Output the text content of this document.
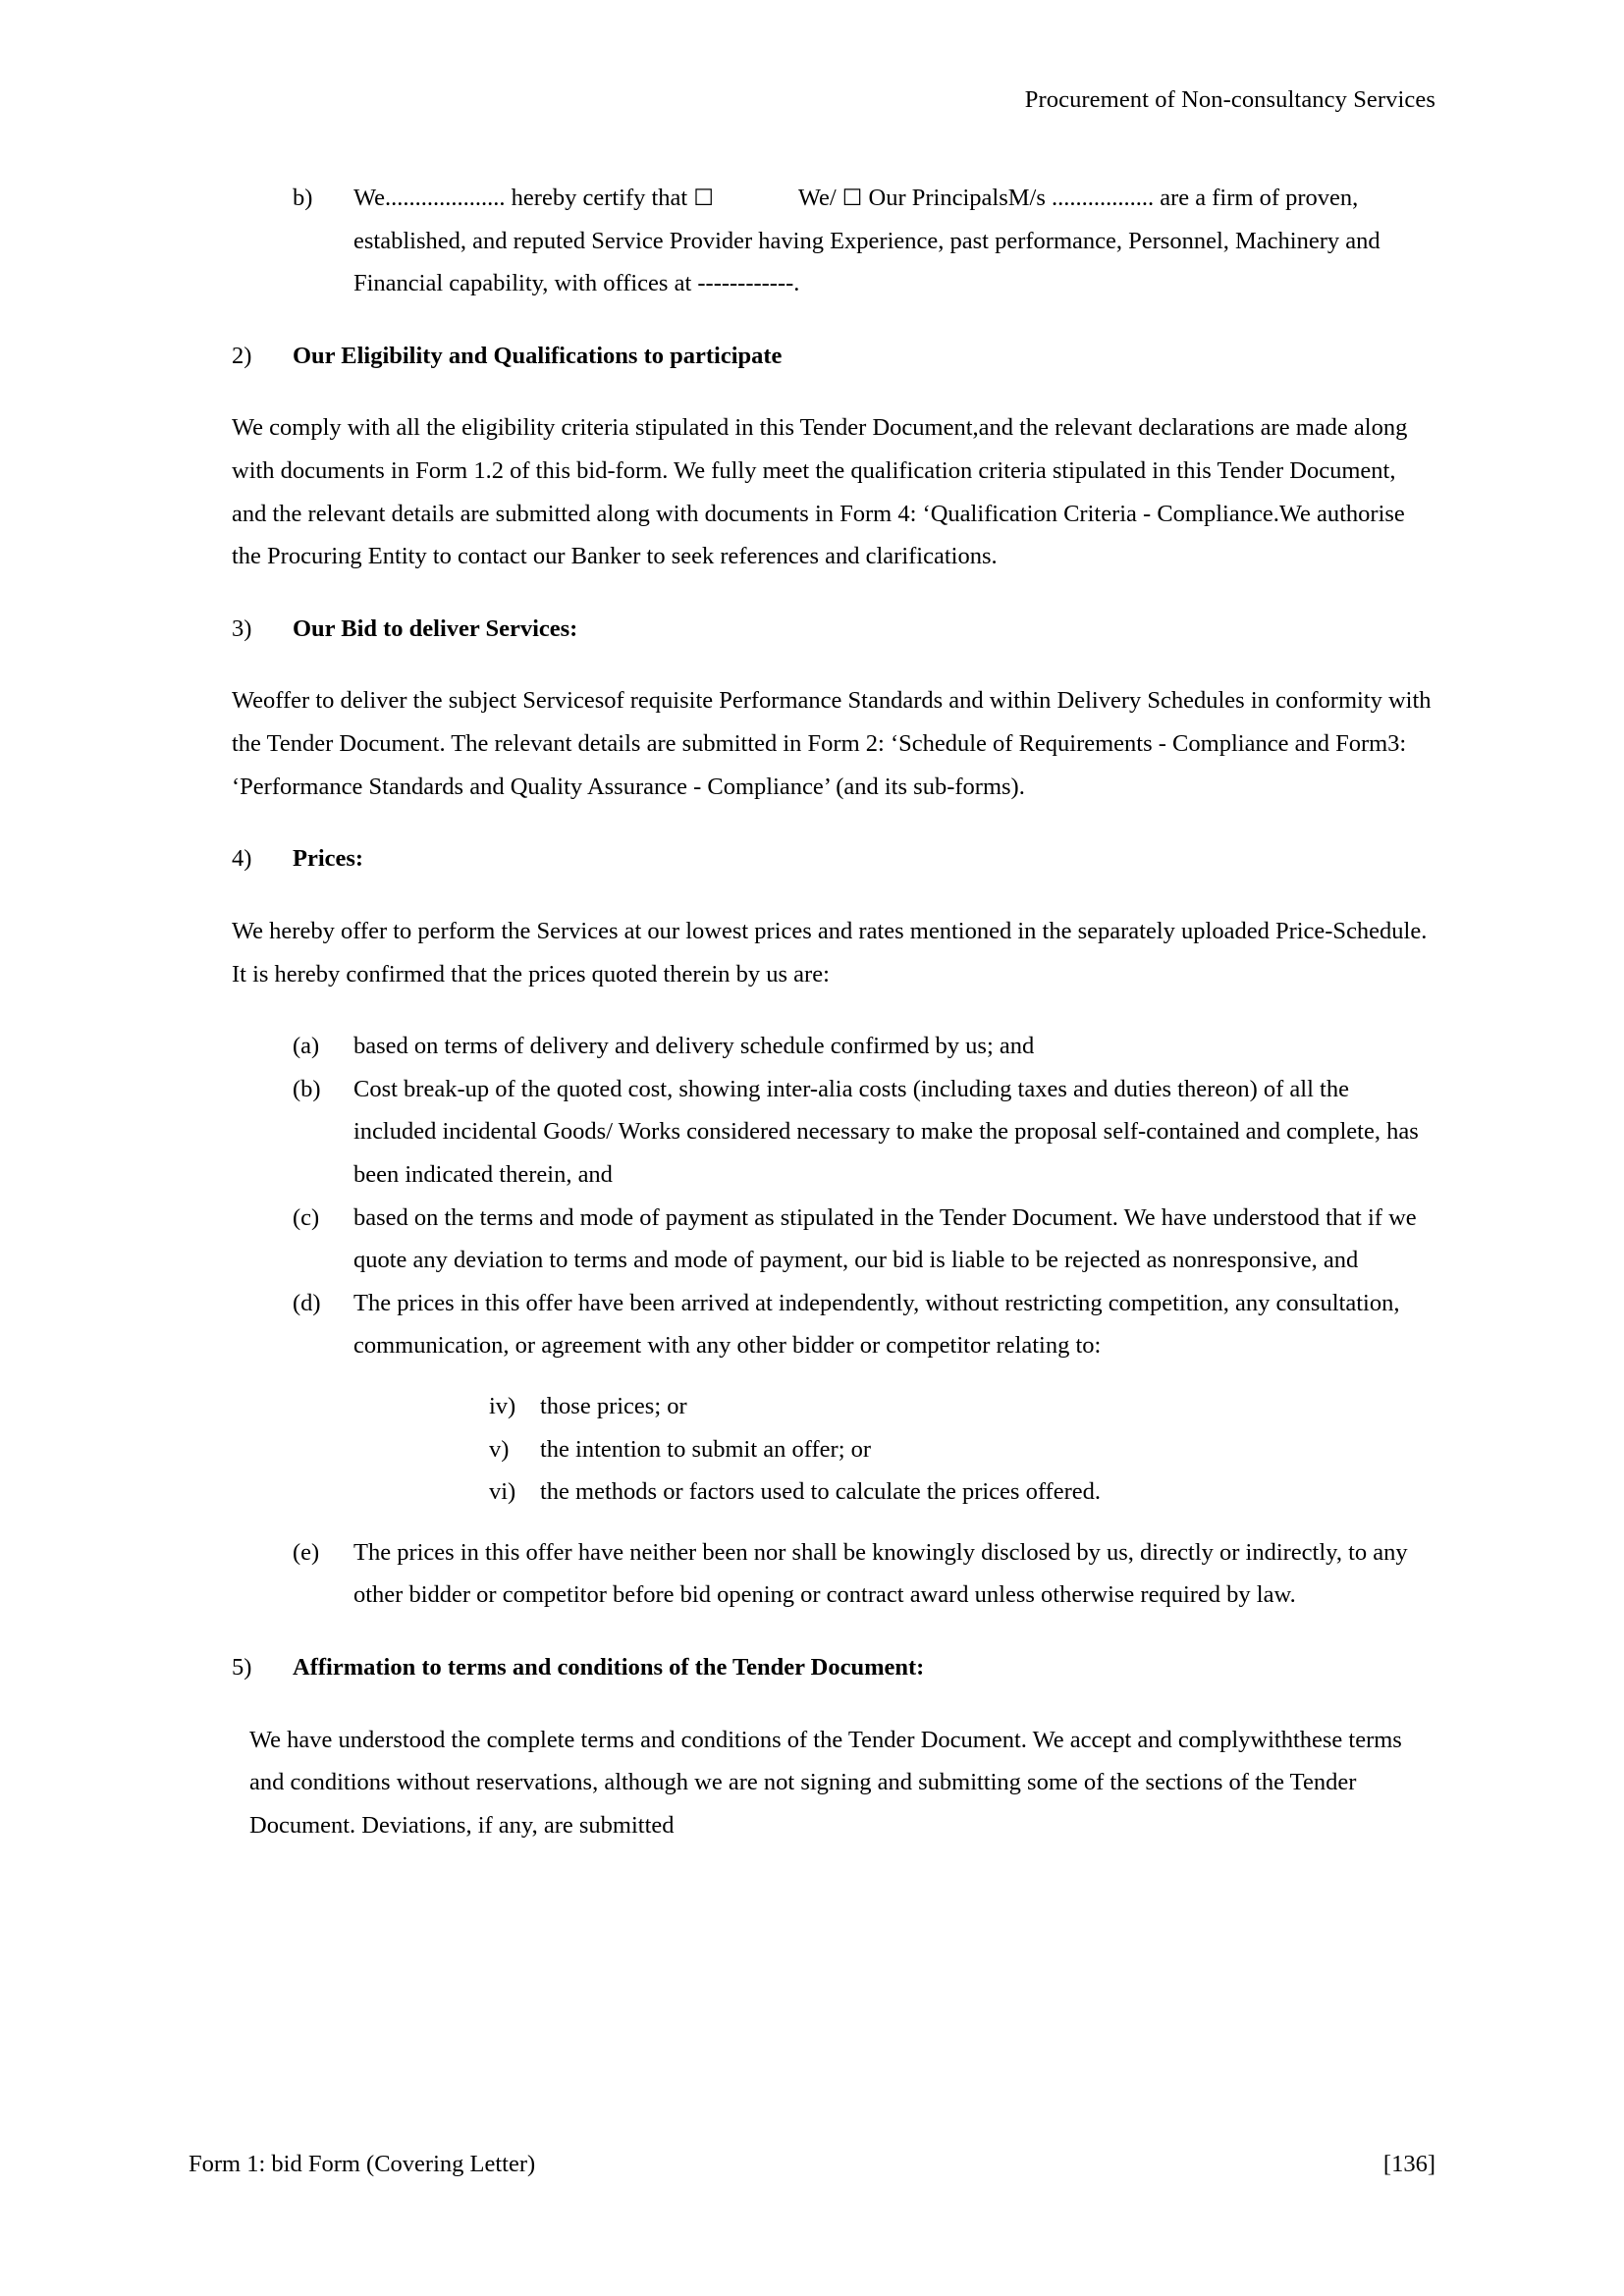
Procurement of Non-consultancy Services
b)	We.................... hereby certify that ☐	We/ ☐ Our PrincipalsM/s ................. are a firm of proven, established, and reputed Service Provider having Experience, past performance, Personnel, Machinery and Financial capability, with offices at ------------.
2)	Our Eligibility and Qualifications to participate

We comply with all the eligibility criteria stipulated in this Tender Document,and the relevant declarations are made along with documents in Form 1.2 of this bid-form. We fully meet the qualification criteria stipulated in this Tender Document, and the relevant details are submitted along with documents in Form 4: ‘Qualification Criteria - Compliance.We authorise the Procuring Entity to contact our Banker to seek references and clarifications.

3)	Our Bid to deliver Services:

Weoffer to deliver the subject Servicesof requisite Performance Standards and within Delivery Schedules in conformity with the Tender Document. The relevant details are submitted in Form 2: ‘Schedule of Requirements - Compliance and Form3: ‘Performance Standards and Quality Assurance - Compliance’ (and its sub-forms).

4)	Prices:

We hereby offer to perform the Services at our lowest prices and rates mentioned in the separately uploaded Price-Schedule. It is hereby confirmed that the prices quoted therein by us are:

(a)	based on terms of delivery and delivery schedule confirmed by us; and
(b)	Cost break-up of the quoted cost, showing inter-alia costs (including taxes and duties thereon) of all the included incidental Goods/ Works considered necessary to make the proposal self-contained and complete, has been indicated therein, and
(c)	based on the terms and mode of payment as stipulated in the Tender Document. We have understood that if we quote any deviation to terms and mode of payment, our bid is liable to be rejected as nonresponsive, and
(d)	The prices in this offer have been arrived at independently, without restricting competition, any consultation, communication, or agreement with any other bidder or competitor relating to:
iv)	those prices; or
v)	the intention to submit an offer; or
vi)	the methods or factors used to calculate the prices offered.
(e)	The prices in this offer have neither been nor shall be knowingly disclosed by us, directly or indirectly, to any other bidder or competitor before bid opening or contract award unless otherwise required by law.
5)	Affirmation to terms and conditions of the Tender Document:

We have understood the complete terms and conditions of the Tender Document. We accept and complywiththese terms and conditions without reservations, although we are not signing and submitting some of the sections of the Tender Document. Deviations, if any, are submitted

Form 1: bid Form (Covering Letter)	[136]
